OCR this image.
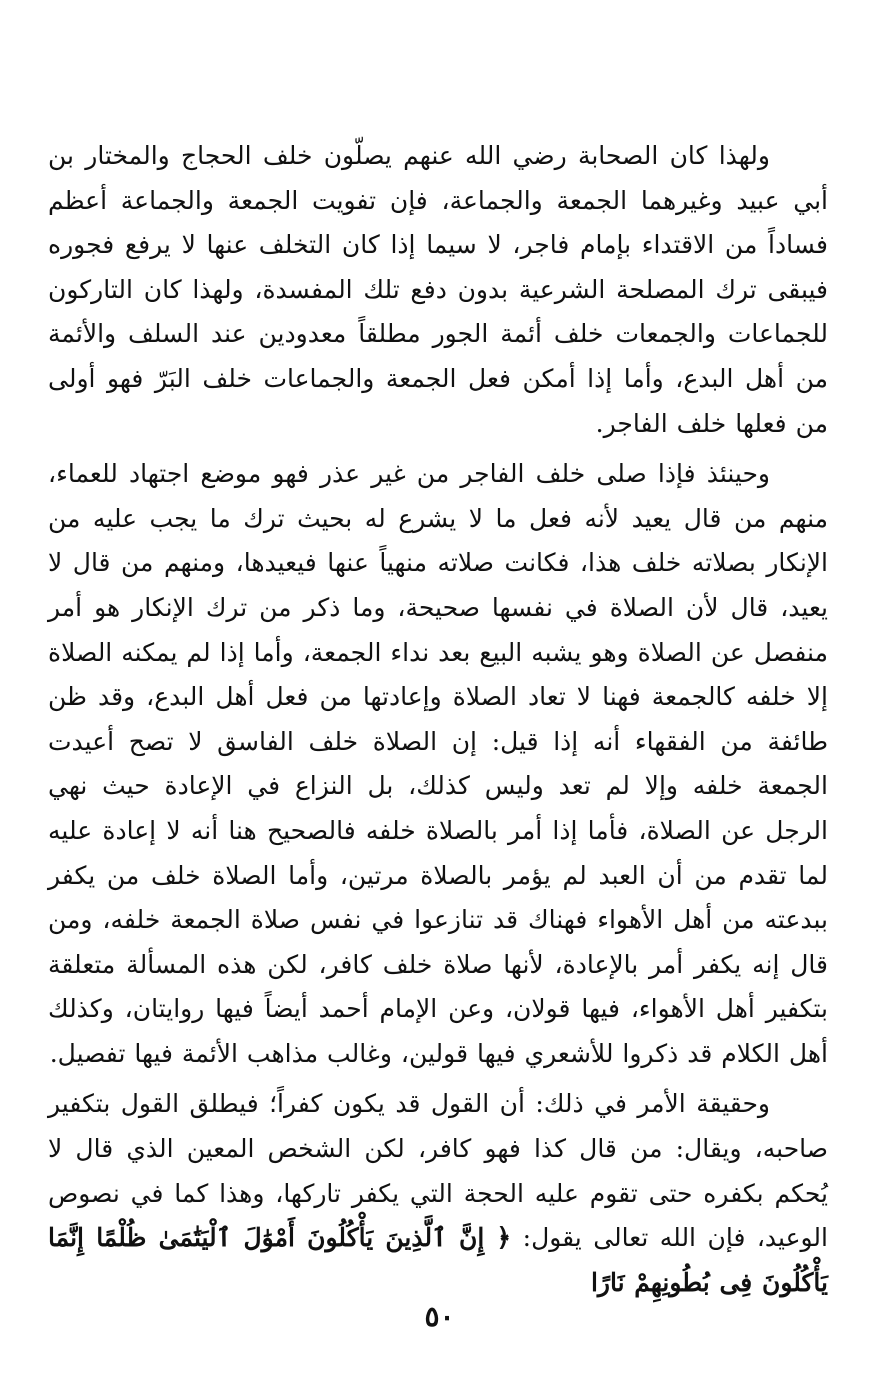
ولهذا كان الصحابة رضي الله عنهم يصلّون خلف الحجاج والمختار بن أبي عبيد وغيرهما الجمعة والجماعة، فإن تفويت الجمعة والجماعة أعظم فساداً من الاقتداء بإمام فاجر، لا سيما إذا كان التخلف عنها لا يرفع فجوره فيبقى ترك المصلحة الشرعية بدون دفع تلك المفسدة، ولهذا كان التاركون للجماعات والجمعات خلف أئمة الجور مطلقاً معدودين عند السلف والأئمة من أهل البدع، وأما إذا أمكن فعل الجمعة والجماعات خلف البَرّ فهو أولى من فعلها خلف الفاجر.

وحينئذ فإذا صلى خلف الفاجر من غير عذر فهو موضع اجتهاد للعماء، منهم من قال يعيد لأنه فعل ما لا يشرع له بحيث ترك ما يجب عليه من الإنكار بصلاته خلف هذا، فكانت صلاته منهياً عنها فيعيدها، ومنهم من قال لا يعيد، قال لأن الصلاة في نفسها صحيحة، وما ذكر من ترك الإنكار هو أمر منفصل عن الصلاة وهو يشبه البيع بعد نداء الجمعة، وأما إذا لم يمكنه الصلاة إلا خلفه كالجمعة فهنا لا تعاد الصلاة وإعادتها من فعل أهل البدع، وقد ظن طائفة من الفقهاء أنه إذا قيل: إن الصلاة خلف الفاسق لا تصح أعيدت الجمعة خلفه وإلا لم تعد وليس كذلك، بل النزاع في الإعادة حيث نهي الرجل عن الصلاة، فأما إذا أمر بالصلاة خلفه فالصحيح هنا أنه لا إعادة عليه لما تقدم من أن العبد لم يؤمر بالصلاة مرتين، وأما الصلاة خلف من يكفر ببدعته من أهل الأهواء فهناك قد تنازعوا في نفس صلاة الجمعة خلفه، ومن قال إنه يكفر أمر بالإعادة، لأنها صلاة خلف كافر، لكن هذه المسألة متعلقة بتكفير أهل الأهواء، فيها قولان، وعن الإمام أحمد أيضاً فيها روايتان، وكذلك أهل الكلام قد ذكروا للأشعري فيها قولين، وغالب مذاهب الأئمة فيها تفصيل.

وحقيقة الأمر في ذلك: أن القول قد يكون كفراً؛ فيطلق القول بتكفير صاحبه، ويقال: من قال كذا فهو كافر، لكن الشخص المعين الذي قال لا يُحكم بكفره حتى تقوم عليه الحجة التي يكفر تاركها، وهذا كما في نصوص الوعيد، فإن الله تعالى يقول: ﴿ إِنَّ ٱلَّذِينَ يَأْكُلُونَ أَمْوَٰلَ ٱلْيَتَٰمَىٰ ظُلْمًا إِنَّمَا يَأْكُلُونَ فِى بُطُونِهِمْ نَارًا

٥٠
